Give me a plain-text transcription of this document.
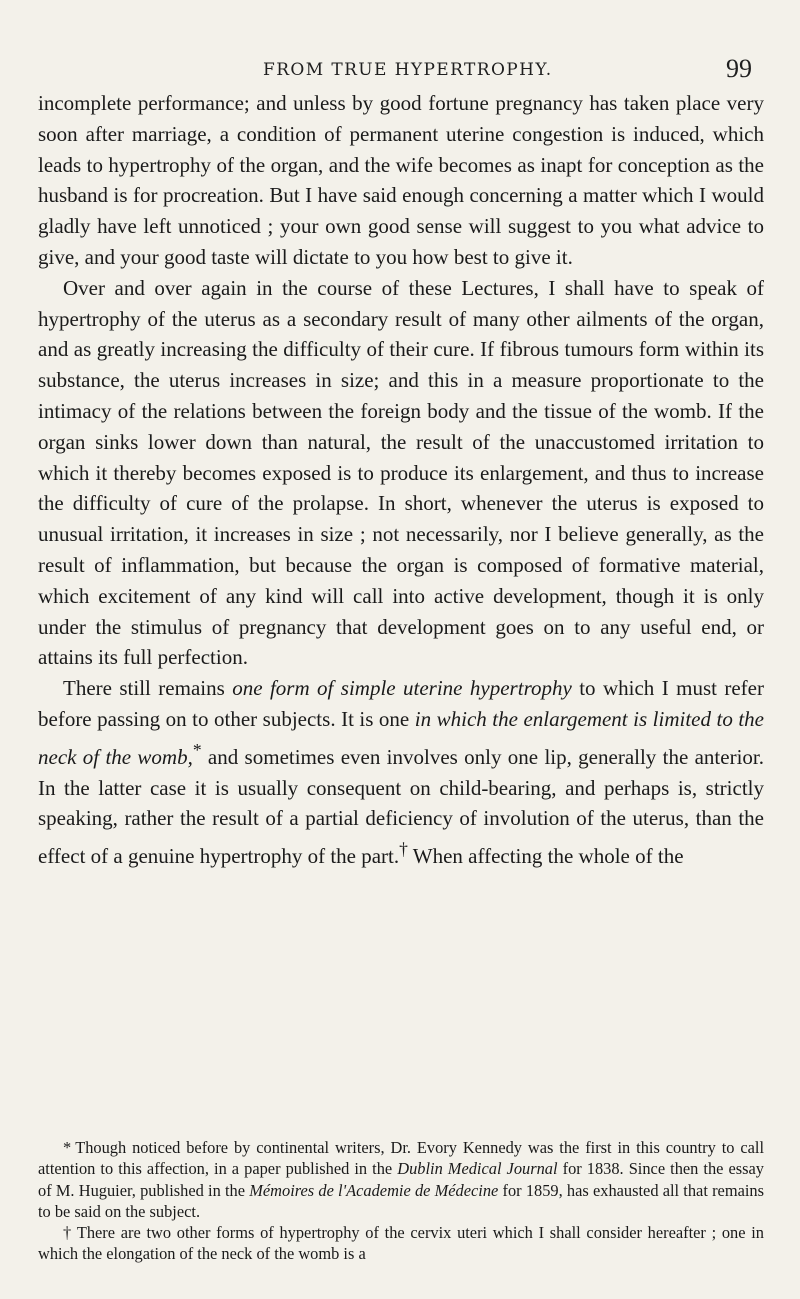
FROM TRUE HYPERTROPHY.	99

incomplete performance; and unless by good fortune pregnancy has taken place very soon after marriage, a condition of permanent uterine congestion is induced, which leads to hypertrophy of the organ, and the wife becomes as inapt for conception as the husband is for procreation. But I have said enough concerning a matter which I would gladly have left unnoticed ; your own good sense will suggest to you what advice to give, and your good taste will dictate to you how best to give it.

Over and over again in the course of these Lectures, I shall have to speak of hypertrophy of the uterus as a secondary result of many other ailments of the organ, and as greatly increasing the difficulty of their cure. If fibrous tumours form within its substance, the uterus increases in size; and this in a measure proportionate to the intimacy of the relations between the foreign body and the tissue of the womb. If the organ sinks lower down than natural, the result of the unaccustomed irritation to which it thereby becomes exposed is to produce its enlargement, and thus to increase the difficulty of cure of the prolapse. In short, whenever the uterus is exposed to unusual irritation, it increases in size ; not necessarily, nor I believe generally, as the result of inflammation, but because the organ is composed of formative material, which excitement of any kind will call into active development, though it is only under the stimulus of pregnancy that development goes on to any useful end, or attains its full perfection.

There still remains one form of simple uterine hypertrophy to which I must refer before passing on to other subjects. It is one in which the enlargement is limited to the neck of the womb,* and sometimes even involves only one lip, generally the anterior. In the latter case it is usually consequent on child-bearing, and perhaps is, strictly speaking, rather the result of a partial deficiency of involution of the uterus, than the effect of a genuine hypertrophy of the part.† When affecting the whole of the

* Though noticed before by continental writers, Dr. Evory Kennedy was the first in this country to call attention to this affection, in a paper published in the Dublin Medical Journal for 1838. Since then the essay of M. Huguier, published in the Mémoires de l'Academie de Médecine for 1859, has exhausted all that remains to be said on the subject.

† There are two other forms of hypertrophy of the cervix uteri which I shall consider hereafter ; one in which the elongation of the neck of the womb is a
